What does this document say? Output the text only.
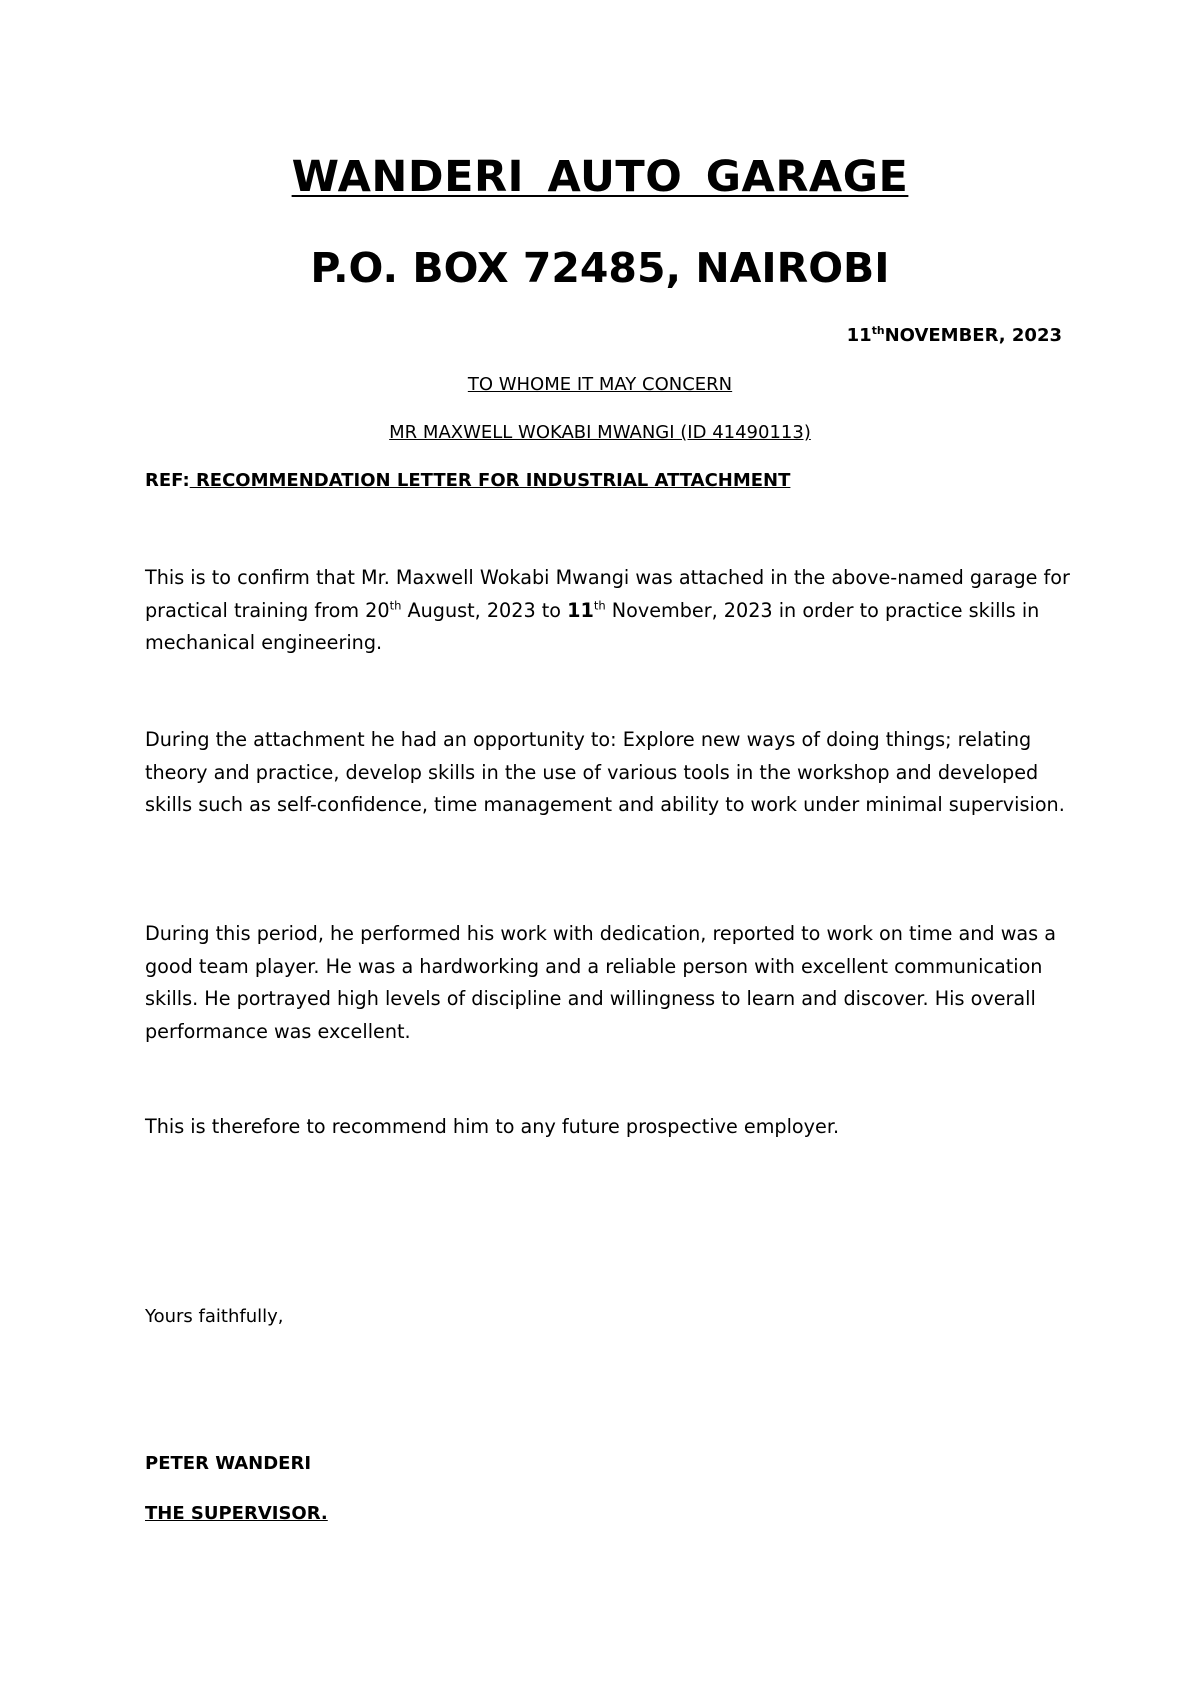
WANDERI AUTO GARAGE
P.O. BOX 72485, NAIROBI
11thNOVEMBER, 2023
TO WHOME IT MAY CONCERN
MR MAXWELL WOKABI MWANGI (ID 41490113)
REF: RECOMMENDATION LETTER FOR INDUSTRIAL ATTACHMENT

This is to confirm that Mr. Maxwell Wokabi Mwangi was attached in the above-named garage for practical training from 20th August, 2023 to 11th November, 2023 in order to practice skills in mechanical engineering.

During the attachment he had an opportunity to: Explore new ways of doing things; relating theory and practice, develop skills in the use of various tools in the workshop and developed skills such as self-confidence, time management and ability to work under minimal supervision.

During this period, he performed his work with dedication, reported to work on time and was a good team player. He was a hardworking and a reliable person with excellent communication skills. He portrayed high levels of discipline and willingness to learn and discover. His overall performance was excellent.

This is therefore to recommend him to any future prospective employer.

Yours faithfully,
PETER WANDERI
THE SUPERVISOR.
